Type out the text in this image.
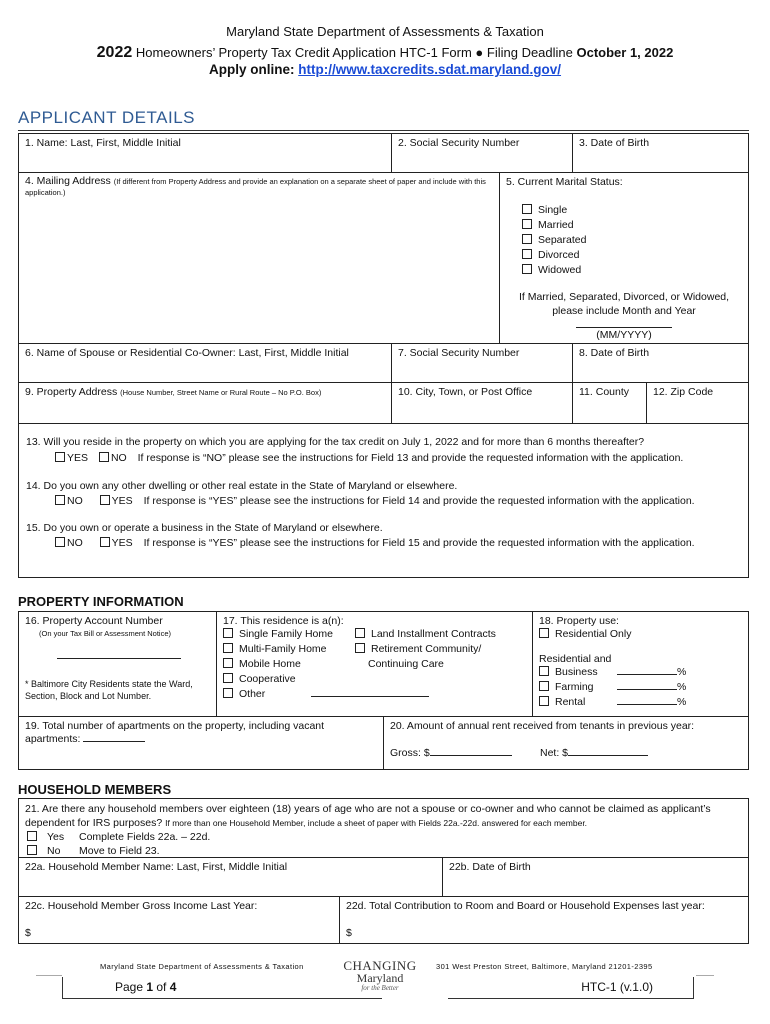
Maryland State Department of Assessments & Taxation
2022 Homeowners’ Property Tax Credit Application HTC-1 Form ● Filing Deadline October 1, 2022
Apply online: http://www.taxcredits.sdat.maryland.gov/
APPLICANT DETAILS
1. Name: Last, First, Middle Initial	2. Social Security Number	3. Date of Birth
4. Mailing Address (If different from Property Address and provide an explanation on a separate sheet of paper and include with this application.)
5. Current Marital Status:
Single
Married
Separated
Divorced
Widowed
If Married, Separated, Divorced, or Widowed, please include Month and Year
(MM/YYYY)
6. Name of Spouse or Residential Co-Owner: Last, First, Middle Initial	7. Social Security Number	8. Date of Birth
9. Property Address (House Number, Street Name or Rural Route – No P.O. Box)	10. City, Town, or Post Office	11. County	12. Zip Code
13. Will you reside in the property on which you are applying for the tax credit on July 1, 2022 and for more than 6 months thereafter?
YES NO If response is “NO” please see the instructions for Field 13 and provide the requested information with the application.
14. Do you own any other dwelling or other real estate in the State of Maryland or elsewhere.
NO	YES If response is “YES” please see the instructions for Field 14 and provide the requested information with the application.
15. Do you own or operate a business in the State of Maryland or elsewhere.
NO	YES If response is “YES” please see the instructions for Field 15 and provide the requested information with the application.
PROPERTY INFORMATION
16. Property Account Number
(On your Tax Bill or Assessment Notice)
* Baltimore City Residents state the Ward, Section, Block and Lot Number.
17. This residence is a(n):
Single Family Home
Multi-Family Home
Mobile Home
Cooperative
Other
Land Installment Contracts
Retirement Community/
Continuing Care
18. Property use:
Residential Only
Residential and
Business	%
Farming	%
Rental	%
19. Total number of apartments on the property, including vacant apartments:
20. Amount of annual rent received from tenants in previous year:
Gross: $	Net: $
HOUSEHOLD MEMBERS
21. Are there any household members over eighteen (18) years of age who are not a spouse or co-owner and who cannot be claimed as applicant’s dependent for IRS purposes? If more than one Household Member, include a sheet of paper with Fields 22a.-22d. answered for each member.
Yes Complete Fields 22a. – 22d.
No Move to Field 23.
22a. Household Member Name: Last, First, Middle Initial	22b. Date of Birth
22c. Household Member Gross Income Last Year:
$
22d. Total Contribution to Room and Board or Household Expenses last year:
$
Maryland State Department of Assessments & Taxation	CHANGING
Maryland
for the Better
301 West Preston Street, Baltimore, Maryland 21201-2395
Page 1 of 4	HTC-1 (v.1.0)
